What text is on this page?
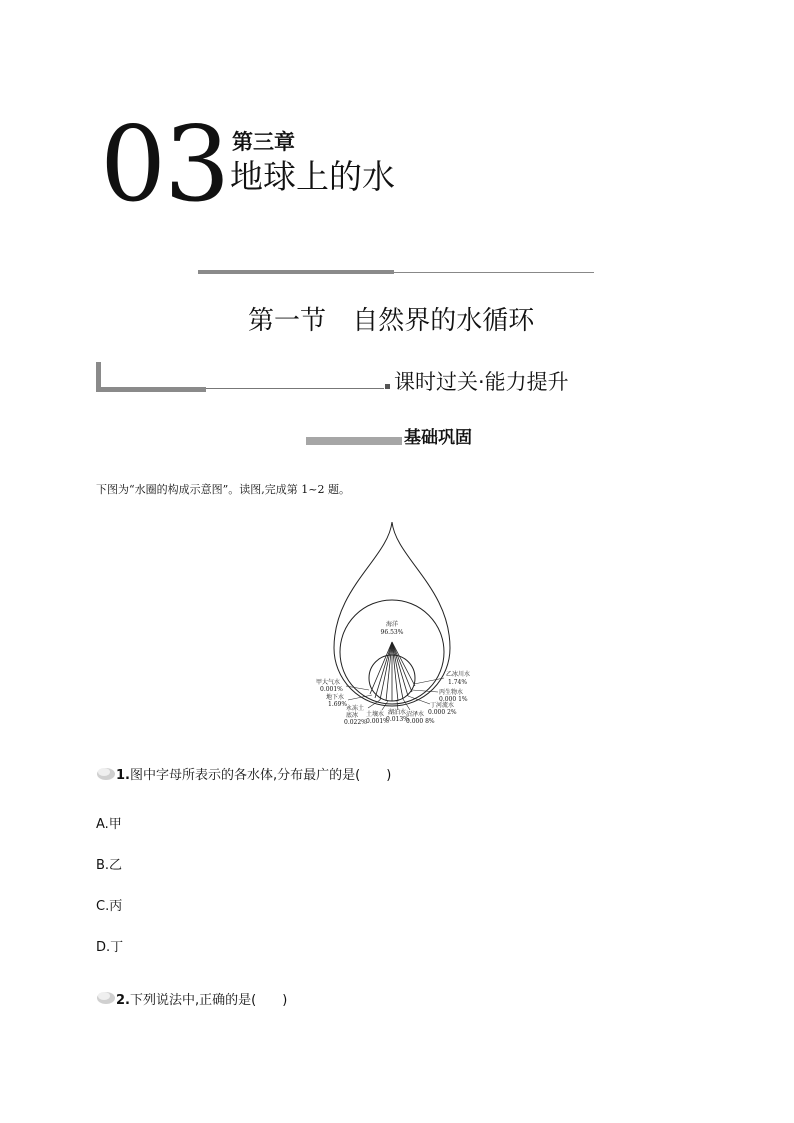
03 第三章
地球上的水
第一节 自然界的水循环
课时过关·能力提升
基础巩固
下图为“水圈的构成示意图”。读图,完成第 1~2 题。
海洋
96.53%
乙冰川水
1.74%
丙生物水
0.000 1%
丁河流水
0.000 2%
沼泽水
0.000 8%
湖泊水
0.013%
土壤水
0.001%
永冻土
底冰
0.022%
地下水
1.69%
甲大气水
0.001%
1.图中字母所表示的各水体,分布最广的是(　　)
A.甲
B.乙
C.丙
D.丁
2.下列说法中,正确的是(　　)
